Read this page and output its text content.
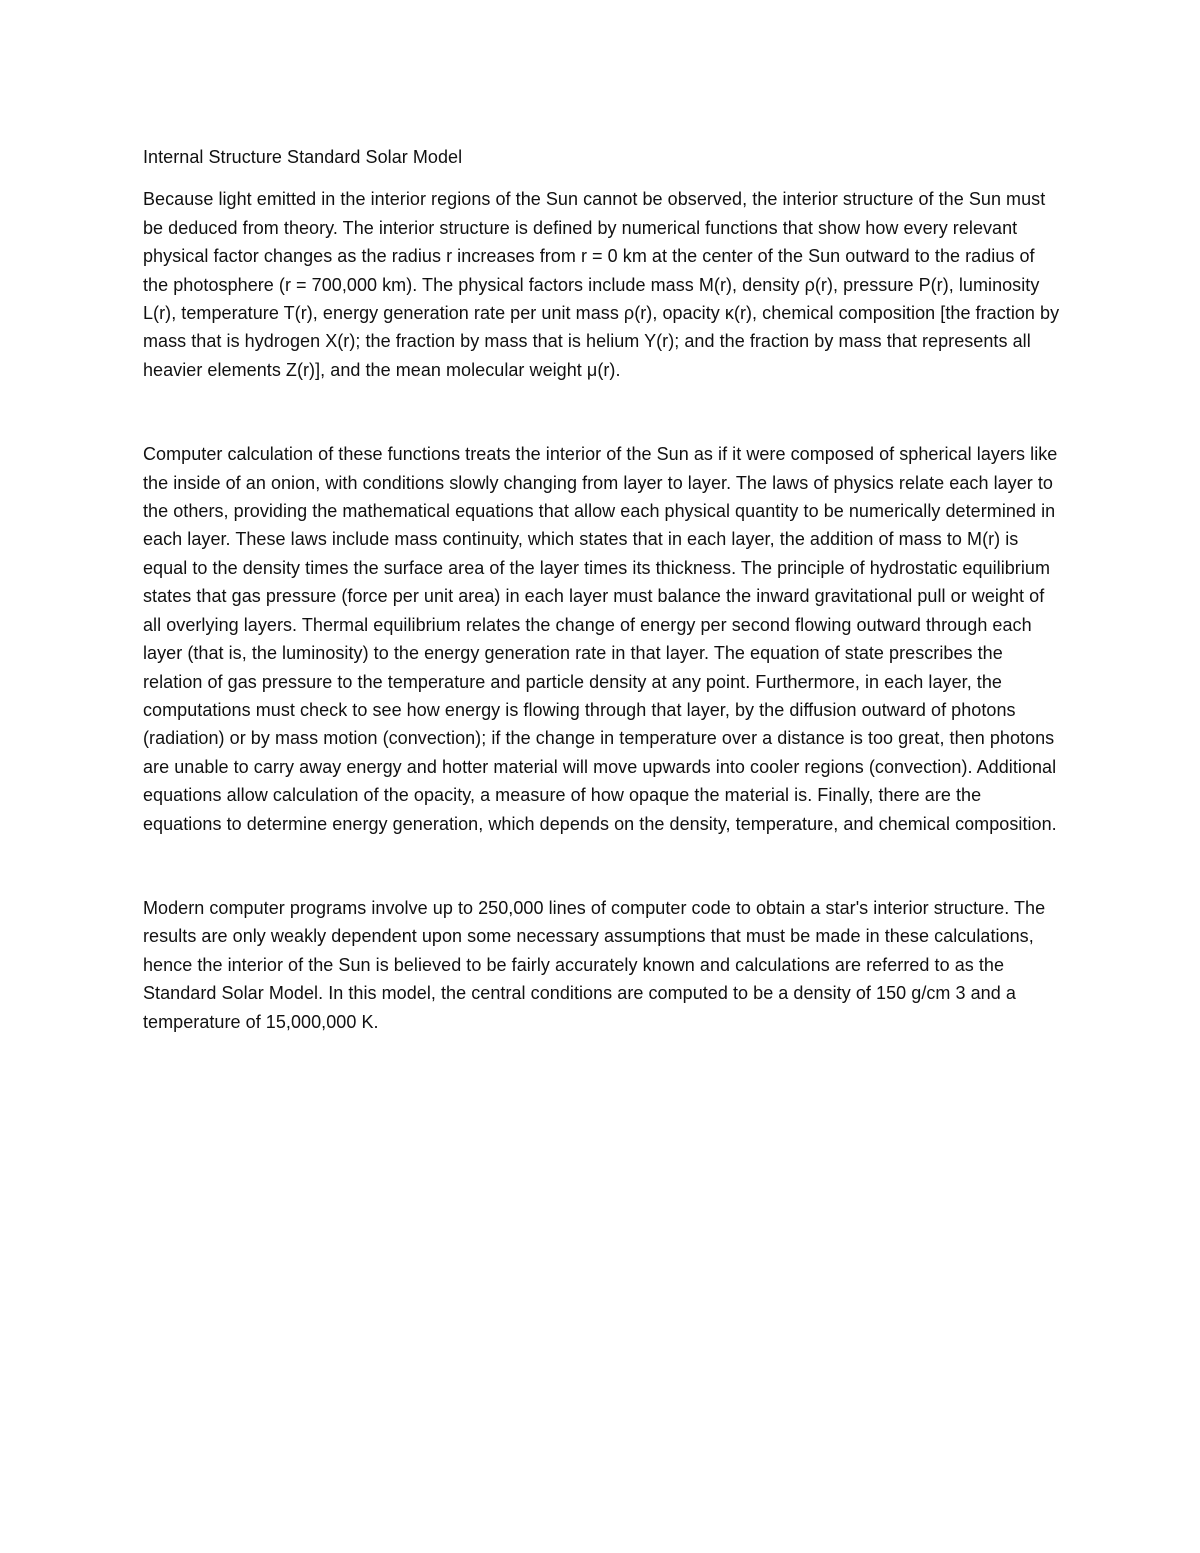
Internal Structure Standard Solar Model

Because light emitted in the interior regions of the Sun cannot be observed, the interior structure of the Sun must be deduced from theory. The interior structure is defined by numerical functions that show how every relevant physical factor changes as the radius r increases from r = 0 km at the center of the Sun outward to the radius of the photosphere (r = 700,000 km). The physical factors include mass M(r), density ρ(r), pressure P(r), luminosity L(r), temperature T(r), energy generation rate per unit mass ρ(r), opacity κ(r), chemical composition [the fraction by mass that is hydrogen X(r); the fraction by mass that is helium Y(r); and the fraction by mass that represents all heavier elements Z(r)], and the mean molecular weight μ(r).

Computer calculation of these functions treats the interior of the Sun as if it were composed of spherical layers like the inside of an onion, with conditions slowly changing from layer to layer. The laws of physics relate each layer to the others, providing the mathematical equations that allow each physical quantity to be numerically determined in each layer. These laws include mass continuity, which states that in each layer, the addition of mass to M(r) is equal to the density times the surface area of the layer times its thickness. The principle of hydrostatic equilibrium states that gas pressure (force per unit area) in each layer must balance the inward gravitational pull or weight of all overlying layers. Thermal equilibrium relates the change of energy per second flowing outward through each layer (that is, the luminosity) to the energy generation rate in that layer. The equation of state prescribes the relation of gas pressure to the temperature and particle density at any point. Furthermore, in each layer, the computations must check to see how energy is flowing through that layer, by the diffusion outward of photons (radiation) or by mass motion (convection); if the change in temperature over a distance is too great, then photons are unable to carry away energy and hotter material will move upwards into cooler regions (convection). Additional equations allow calculation of the opacity, a measure of how opaque the material is. Finally, there are the equations to determine energy generation, which depends on the density, temperature, and chemical composition.

Modern computer programs involve up to 250,000 lines of computer code to obtain a star's interior structure. The results are only weakly dependent upon some necessary assumptions that must be made in these calculations, hence the interior of the Sun is believed to be fairly accurately known and calculations are referred to as the Standard Solar Model. In this model, the central conditions are computed to be a density of 150 g/cm 3 and a temperature of 15,000,000 K.
